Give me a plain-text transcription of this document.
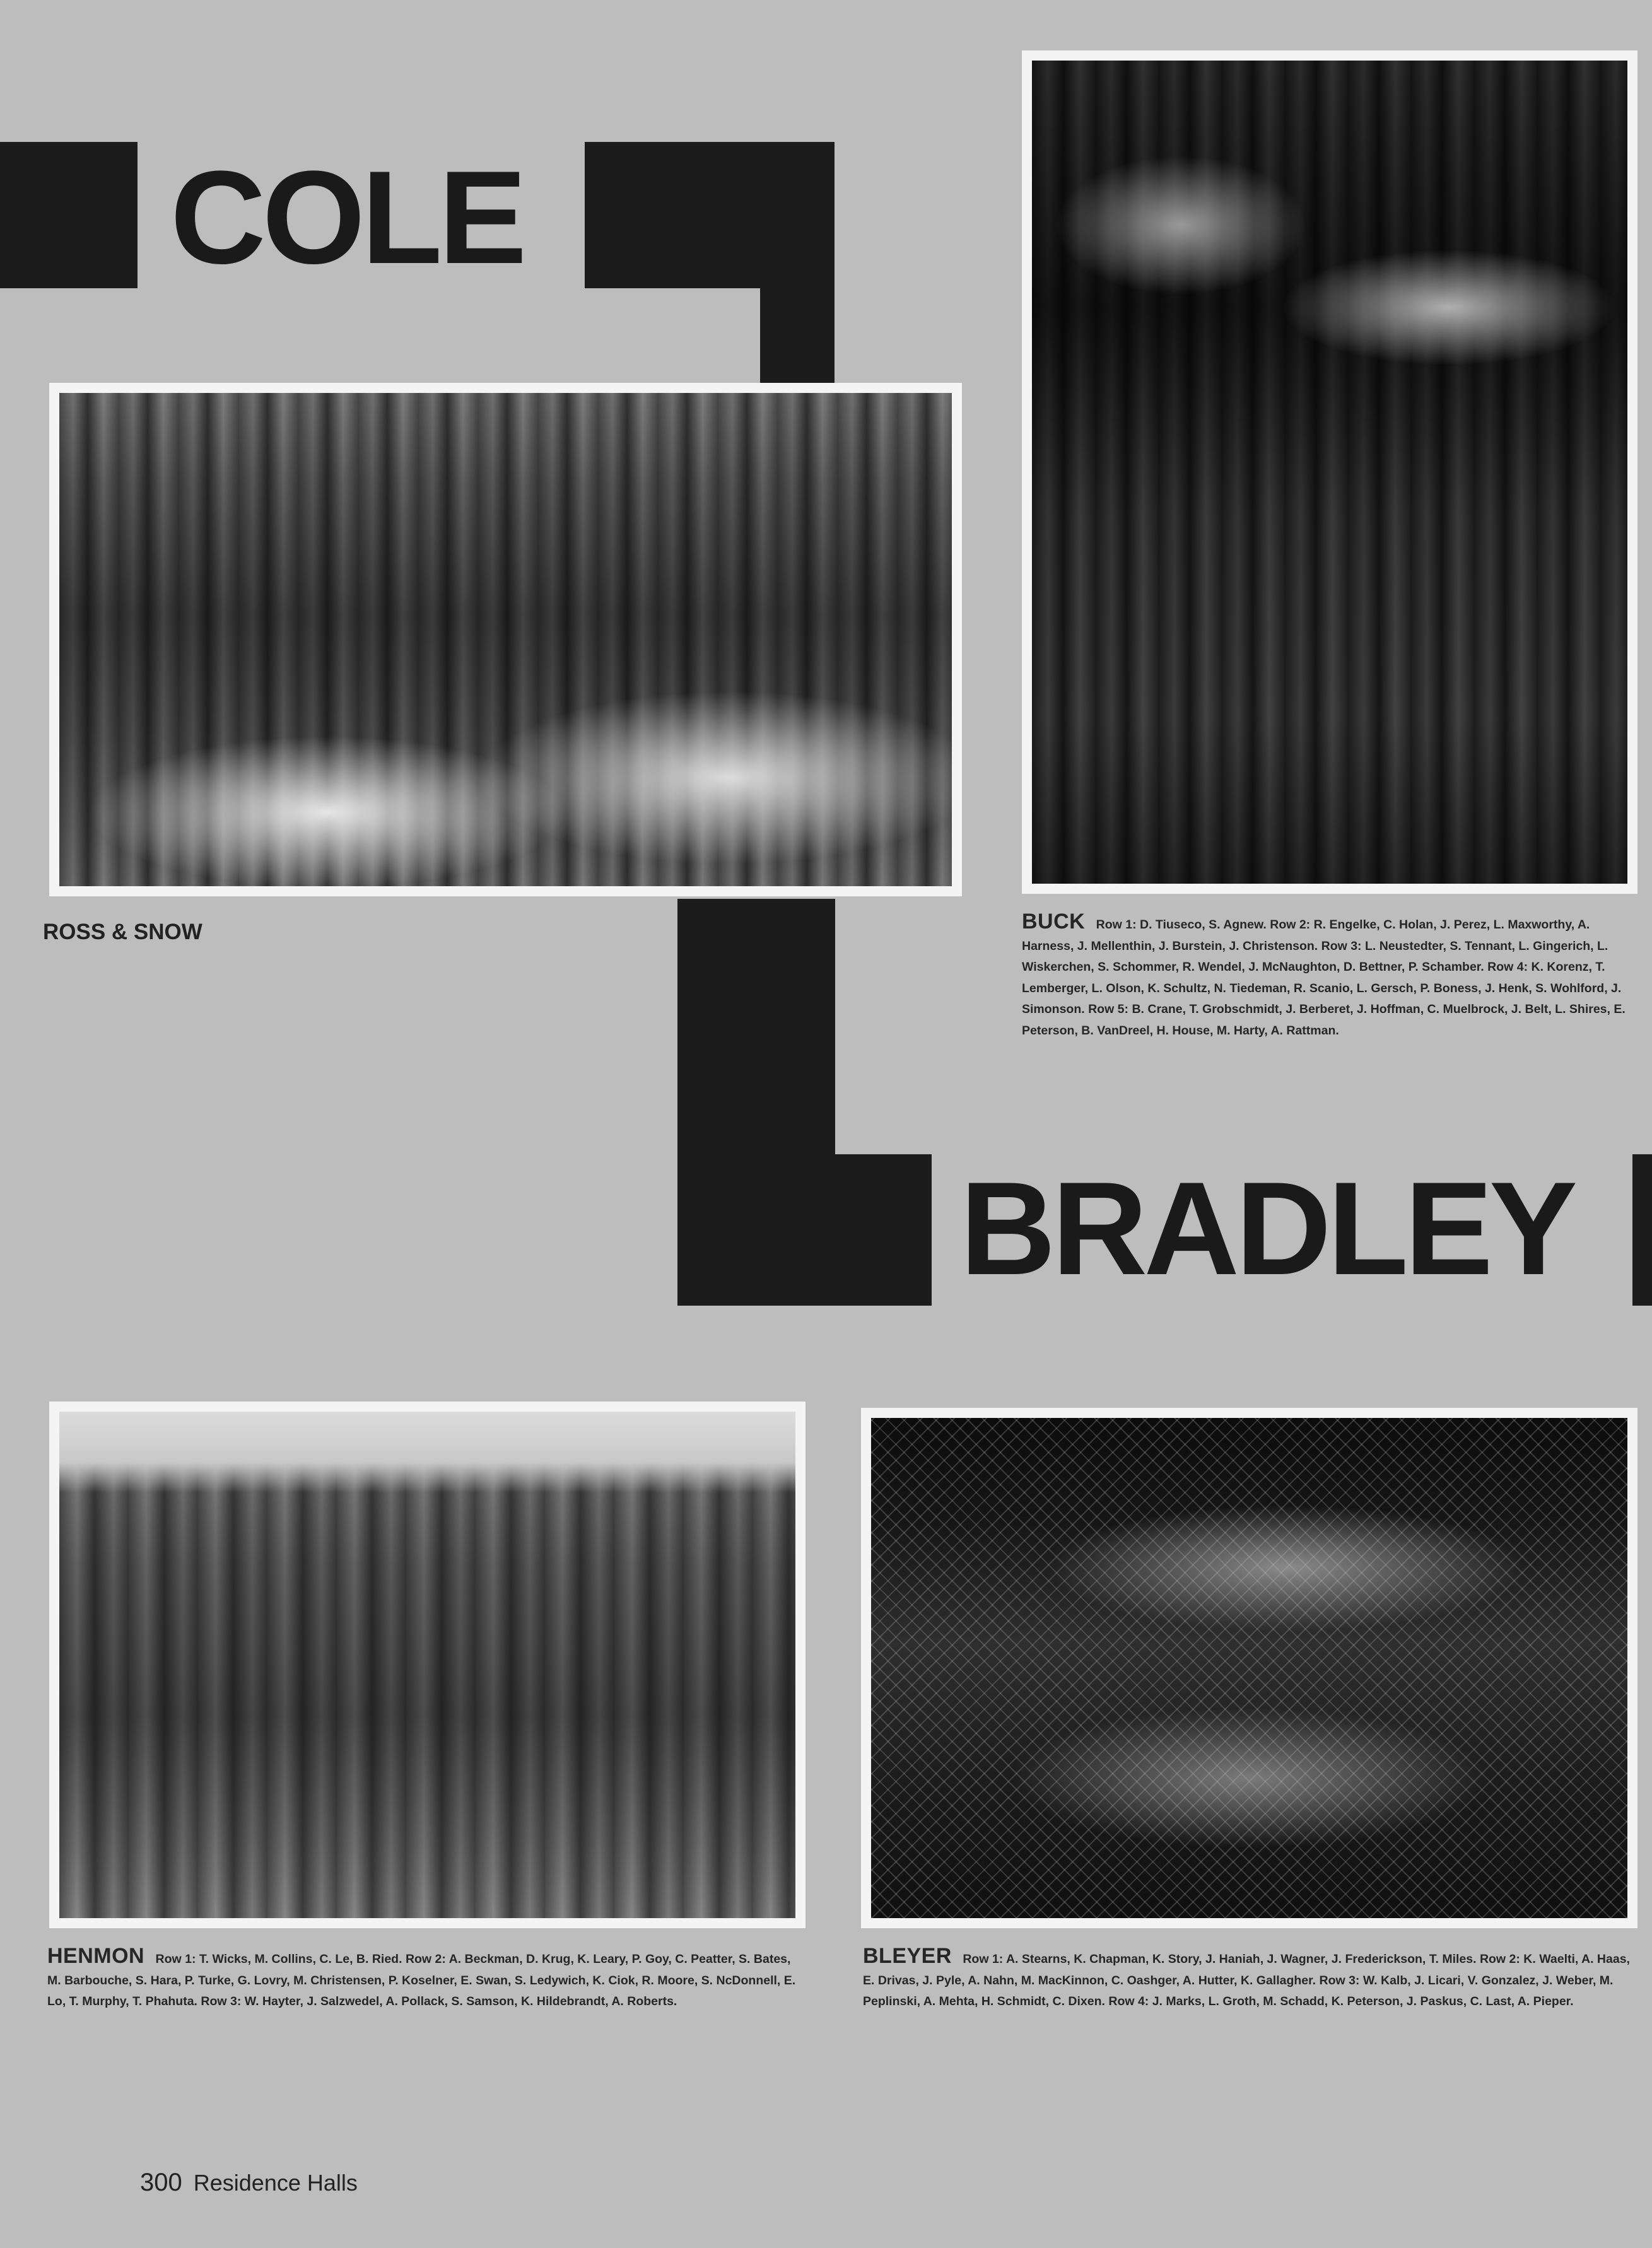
COLE
BRADLEY

ROSS & SNOW	BUCK Row 1: D. Tiuseco, S. Agnew. Row 2: R. Engelke, C. Holan, J. Perez, L. Maxworthy, A. Harness, J. Mellenthin, J. Burstein, J. Christenson. Row 3: L. Neustedter, S. Tennant, L. Gingerich, L. Wiskerchen, S. Schommer, R. Wendel, J. McNaughton, D. Bettner, P. Schamber. Row 4: K. Korenz, T. Lemberger, L. Olson, K. Schultz, N. Tiedeman, R. Scanio, L. Gersch, P. Boness, J. Henk, S. Wohlford, J. Simonson. Row 5: B. Crane, T. Grobschmidt, J. Berberet, J. Hoffman, C. Muelbrock, J. Belt, L. Shires, E. Peterson, B. VanDreel, H. House, M. Harty, A. Rattman.

HENMON Row 1: T. Wicks, M. Collins, C. Le, B. Ried. Row 2: A. Beckman, D. Krug, K. Leary, P. Goy, C. Peatter, S. Bates, M. Barbouche, S. Hara, P. Turke, G. Lovry, M. Christensen, P. Koselner, E. Swan, S. Ledywich, K. Ciok, R. Moore, S. NcDonnell, E. Lo, T. Murphy, T. Phahuta. Row 3: W. Hayter, J. Salzwedel, A. Pollack, S. Samson, K. Hildebrandt, A. Roberts.

BLEYER Row 1: A. Stearns, K. Chapman, K. Story, J. Haniah, J. Wagner, J. Frederickson, T. Miles. Row 2: K. Waelti, A. Haas, E. Drivas, J. Pyle, A. Nahn, M. MacKinnon, C. Oashger, A. Hutter, K. Gallagher. Row 3: W. Kalb, J. Licari, V. Gonzalez, J. Weber, M. Peplinski, A. Mehta, H. Schmidt, C. Dixen. Row 4: J. Marks, L. Groth, M. Schadd, K. Peterson, J. Paskus, C. Last, A. Pieper.

300 Residence Halls
